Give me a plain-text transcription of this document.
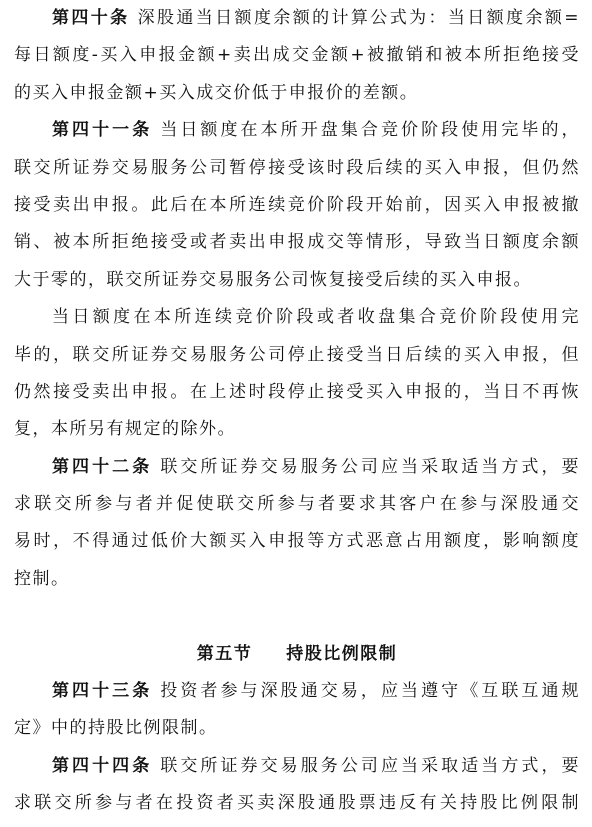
第四十条 深股通当日额度余额的计算公式为：当日额度余额=
每日额度-买入申报金额+卖出成交金额+被撤销和被本所拒绝接受
的买入申报金额+买入成交价低于申报价的差额。
第四十一条 当日额度在本所开盘集合竞价阶段使用完毕的，
联交所证券交易服务公司暂停接受该时段后续的买入申报，但仍然
接受卖出申报。此后在本所连续竞价阶段开始前，因买入申报被撤
销、被本所拒绝接受或者卖出申报成交等情形，导致当日额度余额
大于零的，联交所证券交易服务公司恢复接受后续的买入申报。
当日额度在本所连续竞价阶段或者收盘集合竞价阶段使用完
毕的，联交所证券交易服务公司停止接受当日后续的买入申报，但
仍然接受卖出申报。在上述时段停止接受买入申报的，当日不再恢
复，本所另有规定的除外。
第四十二条 联交所证券交易服务公司应当采取适当方式，要
求联交所参与者并促使联交所参与者要求其客户在参与深股通交
易时，不得通过低价大额买入申报等方式恶意占用额度，影响额度
控制。
第五节 持股比例限制
第四十三条 投资者参与深股通交易，应当遵守《互联互通规
定》中的持股比例限制。
第四十四条 联交所证券交易服务公司应当采取适当方式，要
求联交所参与者在投资者买卖深股通股票违反有关持股比例限制
